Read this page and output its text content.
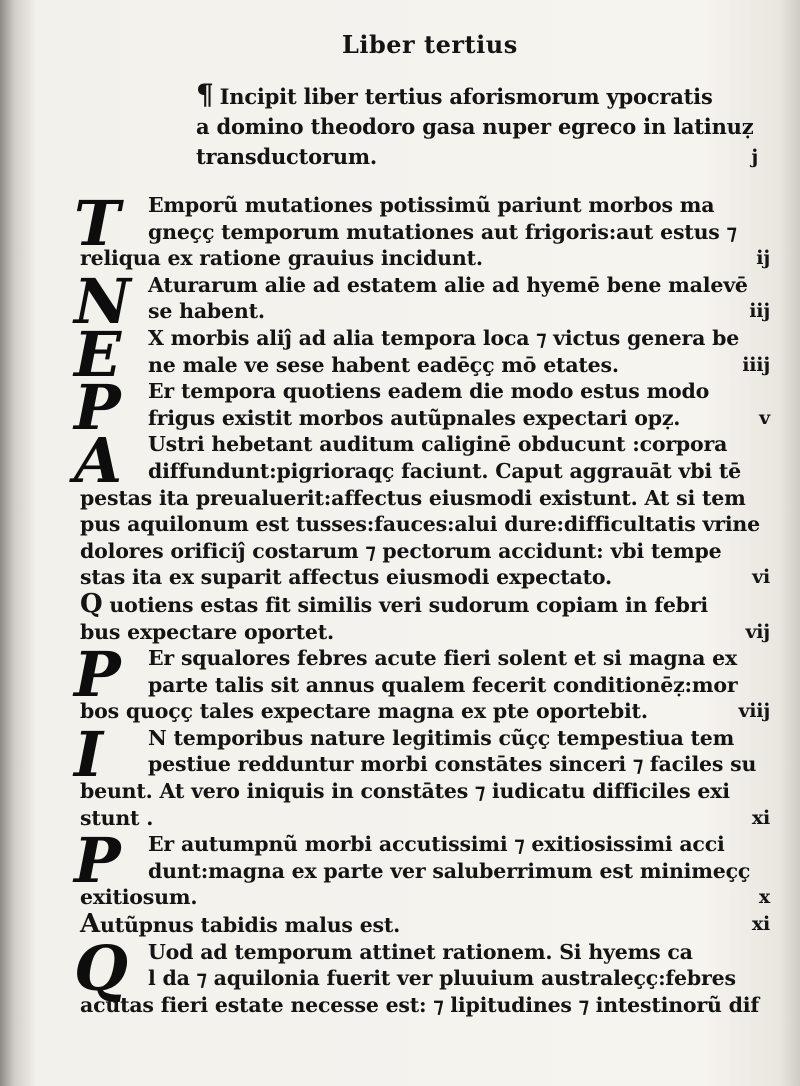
Liber tertius
¶ Incipit liber tertius aforismorum ypocratis
a domino theodoro gasa nuper egreco in latinuẓ
transductorum.	j
T	Emporũ mutationes potissimũ pariunt morbos ma
gneçç temporum mutationes aut frigoris:aut estus ⁊
reliqua ex ratione grauius incidunt.	ij
N Aturarum alie ad estatem alie ad hyemē bene malevē
se habent.	iij
E	X morbis aliĵ ad alia tempora loca ⁊ victus genera be
ne male ve sese habent eadēçç mō etates.	iiij
P	Er tempora quotiens eadem die modo estus modo
frigus existit morbos autũpnales expectari opẓ.	v
A	Ustri hebetant auditum caliginē obducunt :corpora
diffundunt:pigrioraqç faciunt. Caput aggrauāt vbi tē
pestas ita preualuerit:affectus eiusmodi existunt. At si tem
pus aquilonum est tusses:fauces:alui dure:difficultatis vrine
dolores orificiĵ costarum ⁊ pectorum accidunt: vbi tempe
stas ita ex suparit affectus eiusmodi expectato.	vi
Q uotiens estas fit similis veri sudorum copiam in febri
bus expectare oportet.	vij
P	Er squalores febres acute fieri solent et si magna ex
parte talis sit annus qualem fecerit conditionēẓ:mor
bos quoçç tales expectare magna ex pte oportebit.	viij
I	N temporibus nature legitimis cũçç tempestiua tem
pestiue redduntur morbi constātes sinceri ⁊ faciles su
beunt. At vero iniquis in constātes ⁊ iudicatu difficiles exi
stunt .	xi
P	Er autumpnũ morbi accutissimi ⁊ exitiosissimi acci
dunt:magna ex parte ver saluberrimum est minimeçç
exitiosum.	x
Autũpnus tabidis malus est.	xi
Q Uod ad temporum attinet rationem. Si hyems ca
l da ⁊ aquilonia fuerit ver pluuium australeçç:febres
acutas fieri estate necesse est: ⁊ lipitudines ⁊ intestinorũ dif
